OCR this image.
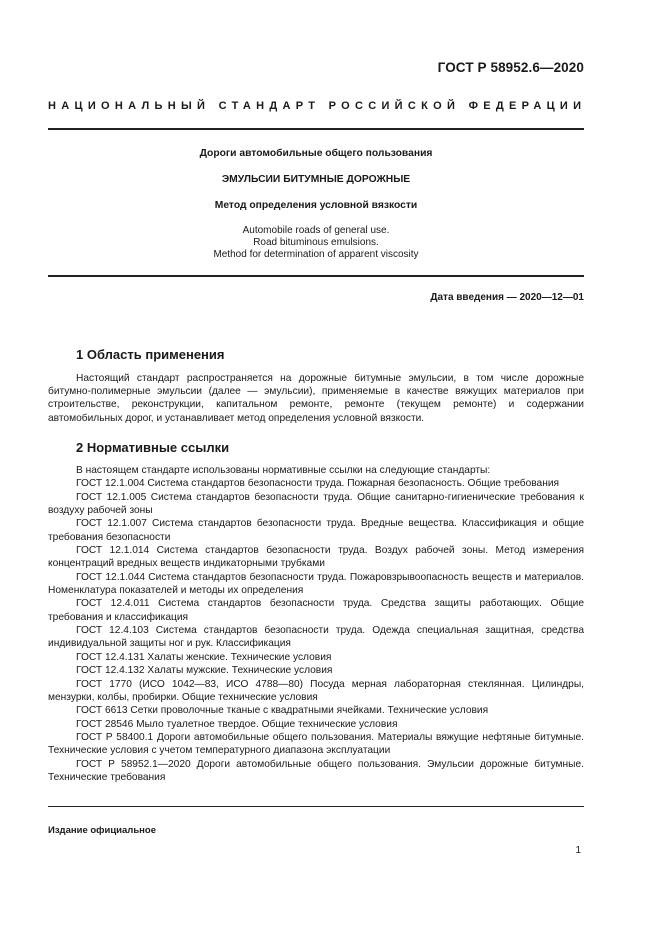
ГОСТ Р 58952.6—2020
НАЦИОНАЛЬНЫЙ СТАНДАРТ РОССИЙСКОЙ ФЕДЕРАЦИИ
Дороги автомобильные общего пользования
ЭМУЛЬСИИ БИТУМНЫЕ ДОРОЖНЫЕ
Метод определения условной вязкости
Automobile roads of general use.
Road bituminous emulsions.
Method for determination of apparent viscosity
Дата введения — 2020—12—01
1 Область применения
Настоящий стандарт распространяется на дорожные битумные эмульсии, в том числе дорожные битумно-полимерные эмульсии (далее — эмульсии), применяемые в качестве вяжущих материалов при строительстве, реконструкции, капитальном ремонте, ремонте (текущем ремонте) и содержании автомобильных дорог, и устанавливает метод определения условной вязкости.
2 Нормативные ссылки
В настоящем стандарте использованы нормативные ссылки на следующие стандарты:
ГОСТ 12.1.004 Система стандартов безопасности труда. Пожарная безопасность. Общие требования
ГОСТ 12.1.005 Система стандартов безопасности труда. Общие санитарно-гигиенические требования к воздуху рабочей зоны
ГОСТ 12.1.007 Система стандартов безопасности труда. Вредные вещества. Классификация и общие требования безопасности
ГОСТ 12.1.014 Система стандартов безопасности труда. Воздух рабочей зоны. Метод измерения концентраций вредных веществ индикаторными трубками
ГОСТ 12.1.044 Система стандартов безопасности труда. Пожаровзрывоопасность веществ и материалов. Номенклатура показателей и методы их определения
ГОСТ 12.4.011 Система стандартов безопасности труда. Средства защиты работающих. Общие требования и классификация
ГОСТ 12.4.103 Система стандартов безопасности труда. Одежда специальная защитная, средства индивидуальной защиты ног и рук. Классификация
ГОСТ 12.4.131 Халаты женские. Технические условия
ГОСТ 12.4.132 Халаты мужские. Технические условия
ГОСТ 1770 (ИСО 1042—83, ИСО 4788—80) Посуда мерная лабораторная стеклянная. Цилиндры, мензурки, колбы, пробирки. Общие технические условия
ГОСТ 6613 Сетки проволочные тканые с квадратными ячейками. Технические условия
ГОСТ 28546 Мыло туалетное твердое. Общие технические условия
ГОСТ Р 58400.1 Дороги автомобильные общего пользования. Материалы вяжущие нефтяные битумные. Технические условия с учетом температурного диапазона эксплуатации
ГОСТ Р 58952.1—2020 Дороги автомобильные общего пользования. Эмульсии дорожные битумные. Технические требования
Издание официальное
1
